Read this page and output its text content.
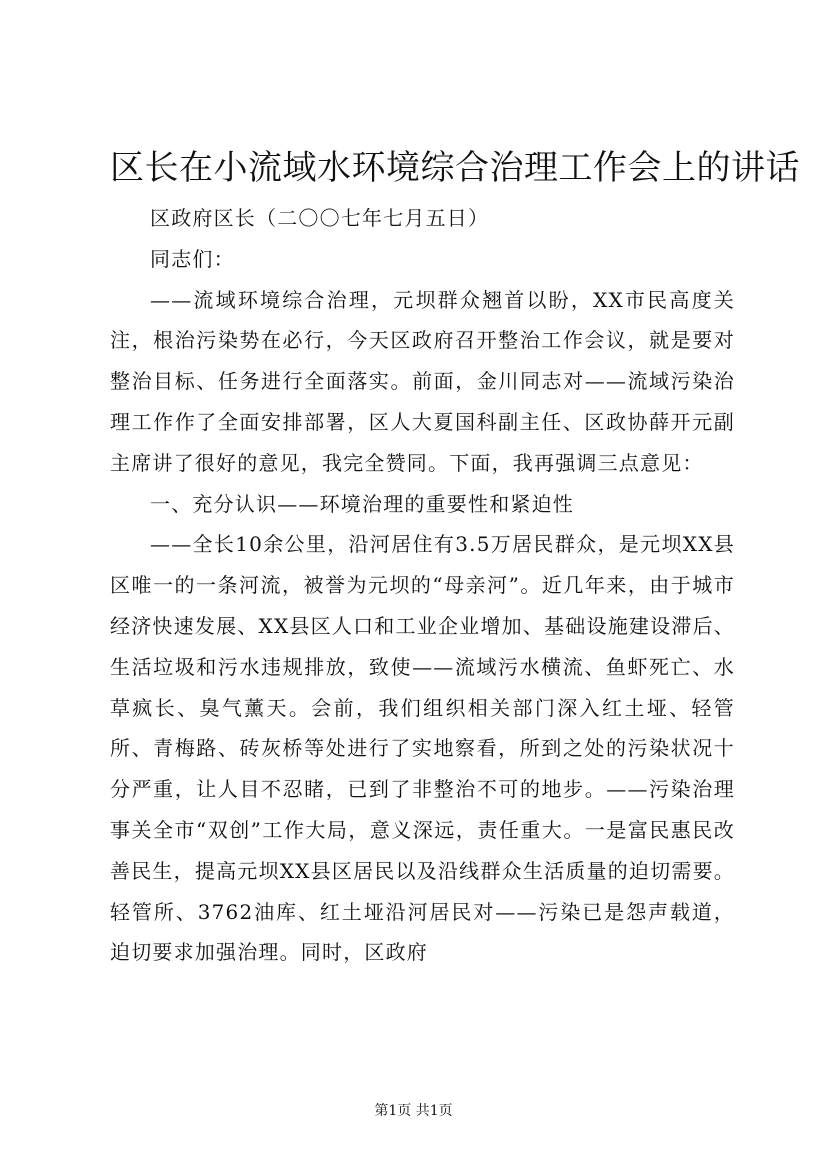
区长在小流域水环境综合治理工作会上的讲话

区政府区长（二〇〇七年七月五日）

同志们：

——流域环境综合治理，元坝群众翘首以盼，XX市民高度关注，根治污染势在必行，今天区政府召开整治工作会议，就是要对整治目标、任务进行全面落实。前面，金川同志对——流域污染治理工作作了全面安排部署，区人大夏国科副主任、区政协薛开元副主席讲了很好的意见，我完全赞同。下面，我再强调三点意见：

一、充分认识——环境治理的重要性和紧迫性

——全长10余公里，沿河居住有3.5万居民群众，是元坝XX县区唯一的一条河流，被誉为元坝的“母亲河”。近几年来，由于城市经济快速发展、XX县区人口和工业企业增加、基础设施建设滞后、生活垃圾和污水违规排放，致使——流域污水横流、鱼虾死亡、水草疯长、臭气薰天。会前，我们组织相关部门深入红土垭、轻管所、青梅路、砖灰桥等处进行了实地察看，所到之处的污染状况十分严重，让人目不忍睹，已到了非整治不可的地步。——污染治理事关全市“双创”工作大局，意义深远，责任重大。一是富民惠民改善民生，提高元坝XX县区居民以及沿线群众生活质量的迫切需要。轻管所、3762油库、红土垭沿河居民对——污染已是怨声载道，迫切要求加强治理。同时，区政府

第1页 共1页
